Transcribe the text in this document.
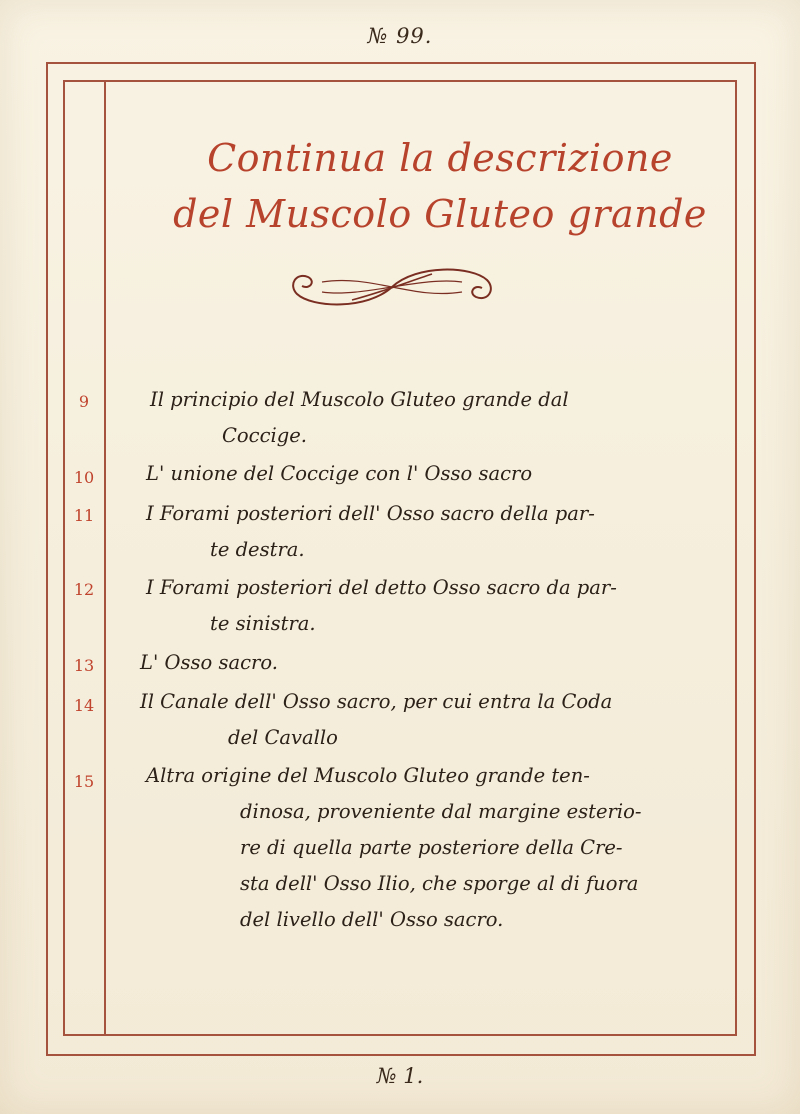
№ 99.
Continua la descrizione
del Muscolo Gluteo grande
9	Il principio del Muscolo Gluteo grande dal
Coccige.
10	L' unione del Coccige con l' Osso sacro
11	I Forami posteriori dell' Osso sacro della par-
te destra.
12	I Forami posteriori del detto Osso sacro da par-
te sinistra.
13	L' Osso sacro.
14	Il Canale dell' Osso sacro, per cui entra la Coda
del Cavallo
15	Altra origine del Muscolo Gluteo grande ten-
dinosa, proveniente dal margine esterio-
re di quella parte posteriore della Cre-
sta dell' Osso Ilio, che sporge al di fuora
del livello dell' Osso sacro.
№ 1.
